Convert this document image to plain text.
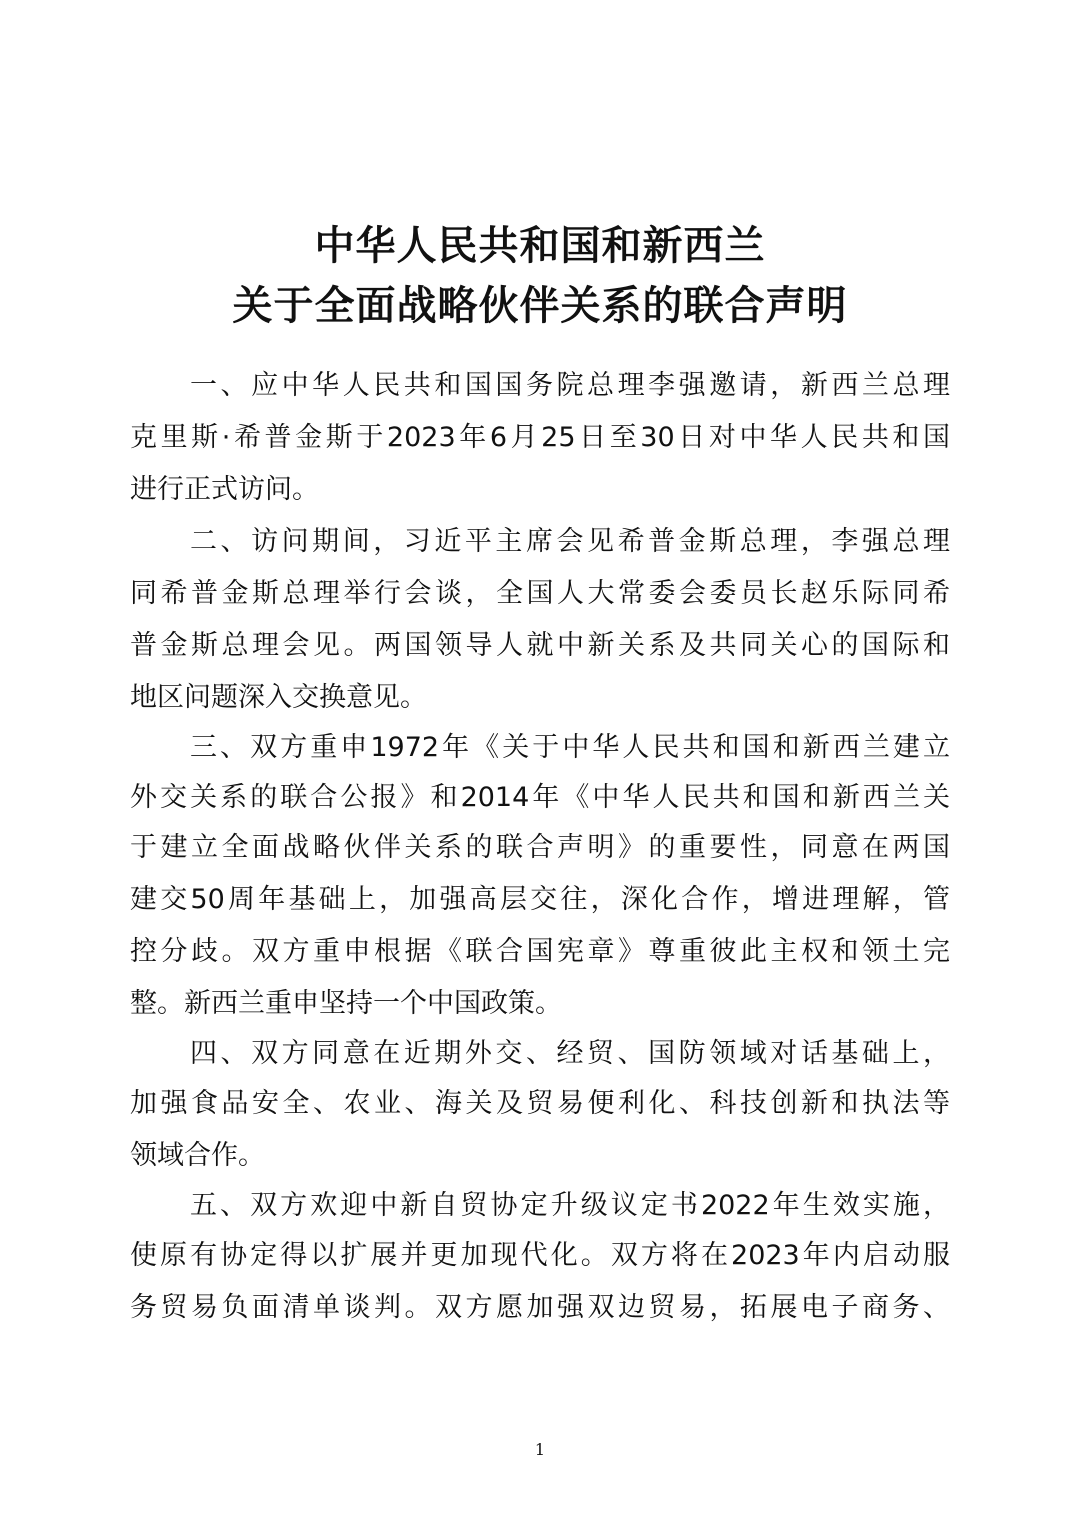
中华人民共和国和新西兰
关于全面战略伙伴关系的联合声明
一、应中华人民共和国国务院总理李强邀请，新西兰总理
克里斯·希普金斯于2023年6月25日至30日对中华人民共和国
进行正式访问。
二、访问期间，习近平主席会见希普金斯总理，李强总理
同希普金斯总理举行会谈，全国人大常委会委员长赵乐际同希
普金斯总理会见。两国领导人就中新关系及共同关心的国际和
地区问题深入交换意见。
三、双方重申1972年《关于中华人民共和国和新西兰建立
外交关系的联合公报》和2014年《中华人民共和国和新西兰关
于建立全面战略伙伴关系的联合声明》的重要性，同意在两国
建交50周年基础上，加强高层交往，深化合作，增进理解，管
控分歧。双方重申根据《联合国宪章》尊重彼此主权和领土完
整。新西兰重申坚持一个中国政策。
四、双方同意在近期外交、经贸、国防领域对话基础上，
加强食品安全、农业、海关及贸易便利化、科技创新和执法等
领域合作。
五、双方欢迎中新自贸协定升级议定书2022年生效实施，
使原有协定得以扩展并更加现代化。双方将在2023年内启动服
务贸易负面清单谈判。双方愿加强双边贸易，拓展电子商务、
1
